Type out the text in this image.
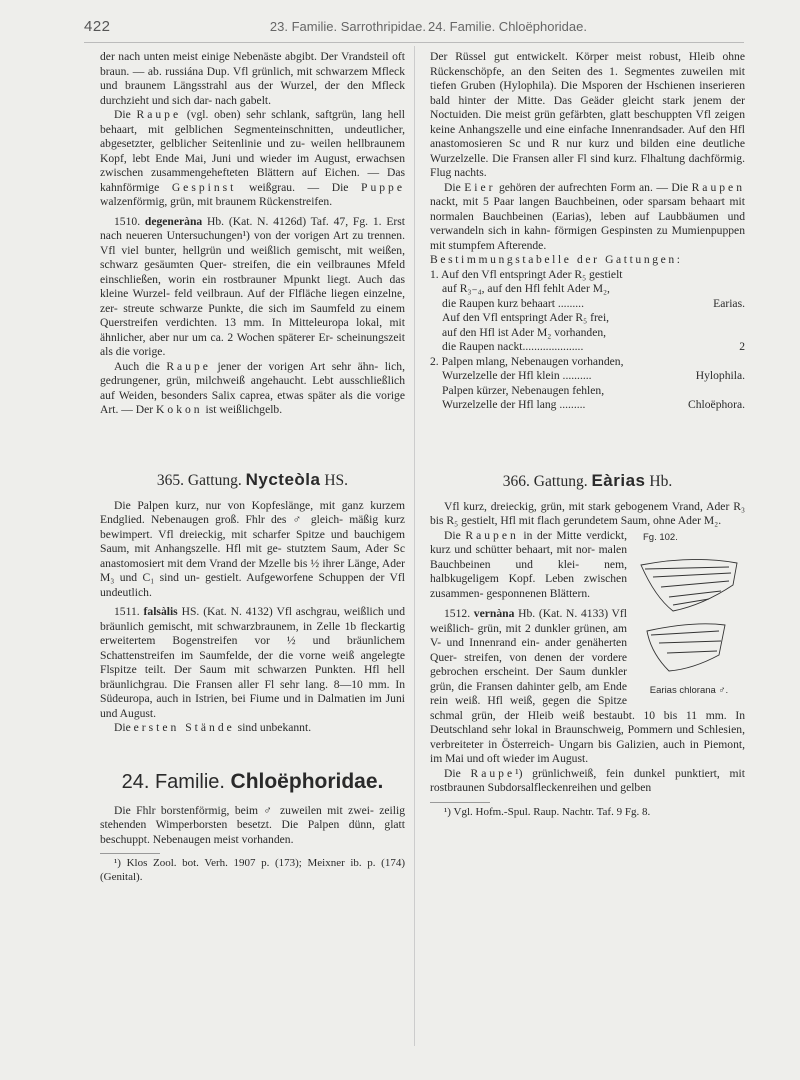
422	23. Familie. Sarrothripidae. 24. Familie. Chloëphoridae.

der nach unten meist einige Nebenäste abgibt. Der Vrandsteil oft braun. — ab. russiána Dup. Vfl grünlich, mit schwarzem Mfleck und braunem Längsstrahl aus der Wurzel, der den Mfleck durchzieht und sich dar- nach gabelt.

Die Raupe (vgl. oben) sehr schlank, saftgrün, lang hell behaart, mit gelblichen Segmenteinschnitten, undeutlicher, abgesetzter, gelblicher Seitenlinie und zu- weilen hellbraunem Kopf, lebt Ende Mai, Juni und wieder im August, erwachsen zwischen zusammengehefteten Blättern auf Eichen. — Das kahnförmige Gespinst weißgrau. — Die Puppe walzenförmig, grün, mit braunem Rückenstreifen.

1510. degeneràna Hb. (Kat. N. 4126d) Taf. 47, Fg. 1. Erst nach neueren Untersuchungen¹) von der vorigen Art zu trennen. Vfl viel bunter, hellgrün und weißlich gemischt, mit weißen, schwarz gesäumten Quer- streifen, die ein veilbraunes Mfeld einschließen, worin ein rostbrauner Mpunkt liegt. Auch das kleine Wurzel- feld veilbraun. Auf der Flfläche liegen einzelne, zer- streute schwarze Punkte, die sich im Saumfeld zu einem Querstreifen verdichten. 13 mm. In Mitteleuropa lokal, mit ähnlicher, aber nur um ca. 2 Wochen späterer Er- scheinungszeit als die vorige.

Auch die Raupe jener der vorigen Art sehr ähn- lich, gedrungener, grün, milchweiß angehaucht. Lebt ausschließlich auf Weiden, besonders Salix caprea, etwas später als die vorige Art. — Der Kokon ist weißlichgelb.

365. Gattung. Nycteòla HS.

Die Palpen kurz, nur von Kopfeslänge, mit ganz kurzem Endglied. Nebenaugen groß. Fhlr des ♂ gleich- mäßig kurz bewimpert. Vfl dreieckig, mit scharfer Spitze und bauchigem Saum, mit Anhangszelle. Hfl mit ge- stutztem Saum, Ader Sc anastomosiert mit dem Vrand der Mzelle bis ½ ihrer Länge, Ader M₃ und C₁ sind un- gestielt. Aufgeworfene Schuppen der Vfl undeutlich.

1511. falsàlis HS. (Kat. N. 4132) Vfl aschgrau, weißlich und bräunlich gemischt, mit schwarzbraunem, in Zelle 1b fleckartig erweitertem Bogenstreifen vor ½ und bräunlichem Schattenstreifen im Saumfelde, der die vorne weiß angelegte Flspitze teilt. Der Saum mit schwarzen Punkten. Hfl hell bräunlichgrau. Die Fransen aller Fl sehr lang. 8—10 mm. In Südeuropa, auch in Istrien, bei Fiume und in Dalmatien im Juni und August.

Die ersten Stände sind unbekannt.

24. Familie. Chloëphoridae.

Die Fhlr borstenförmig, beim ♂ zuweilen mit zwei- zeilig stehenden Wimperborsten besetzt. Die Palpen dünn, glatt beschuppt. Nebenaugen meist vorhanden.

¹) Klos Zool. bot. Verh. 1907 p. (173); Meixner ib. p. (174) (Genital).

Der Rüssel gut entwickelt. Körper meist robust, Hleib ohne Rückenschöpfe, an den Seiten des 1. Segmentes zuweilen mit tiefen Gruben (Hylophila). Die Msporen der Hschienen inserieren bald hinter der Mitte. Das Geäder gleicht stark jenem der Noctuiden. Die meist grün gefärbten, glatt beschuppten Vfl zeigen keine Anhangszelle und eine einfache Innenrandsader. Auf den Hfl anastomosieren Sc und R nur kurz und bilden eine deutliche Wurzelzelle. Die Fransen aller Fl sind kurz. Flhaltung dachförmig. Flug nachts.

Die Eier gehören der aufrechten Form an. — Die Raupen nackt, mit 5 Paar langen Bauchbeinen, oder sparsam behaart mit normalen Bauchbeinen (Earias), leben auf Laubbäumen und verwandeln sich in kahn- förmigen Gespinsten zu Mumienpuppen mit stumpfem Afterende.

Bestimmungstabelle der Gattungen:

1. Auf den Vfl entspringt Ader R₅ gestielt

auf R₃₋₄, auf den Hfl fehlt Ader M₂,

die Raupen kurz behaart .........	Earias.

Auf den Vfl entspringt Ader R₅ frei,

auf den Hfl ist Ader M₂ vorhanden,

die Raupen nackt.....................	2

2. Palpen mlang, Nebenaugen vorhanden,

Wurzelzelle der Hfl klein ..........	Hylophila.

Palpen kürzer, Nebenaugen fehlen,

Wurzelzelle der Hfl lang .........	Chloëphora.

366. Gattung. Eàrias Hb.

Vfl kurz, dreieckig, grün, mit stark gebogenem Vrand, Ader R₃ bis R₅ gestielt, Hfl mit flach gerundetem Saum, ohne Ader M₂.

Fg. 102.
Earias chlorana ♂.

Die Raupen in der Mitte verdickt, kurz und schütter behaart, mit nor- malen Bauchbeinen und klei- nem, halbkugeligem Kopf. Leben zwischen zusammen- gesponnenen Blättern.

1512. vernàna Hb. (Kat. N. 4133) Vfl weißlich- grün, mit 2 dunkler grünen, am V- und Innenrand ein- ander genäherten Quer- streifen, von denen der vordere gebrochen erscheint. Der Saum dunkler grün, die Fransen dahinter gelb, am Ende rein weiß. Hfl weiß, gegen die Spitze schmal grün, der Hleib weiß bestaubt. 10 bis 11 mm. In Deutschland sehr lokal in Braunschweig, Pommern und Schlesien, verbreiteter in Österreich- Ungarn bis Galizien, auch in Piemont, im Mai und oft wieder im August.

Die Raupe¹) grünlichweiß, fein dunkel punktiert, mit rostbraunen Subdorsalfleckenreihen und gelben

¹) Vgl. Hofm.-Spul. Raup. Nachtr. Taf. 9 Fg. 8.
